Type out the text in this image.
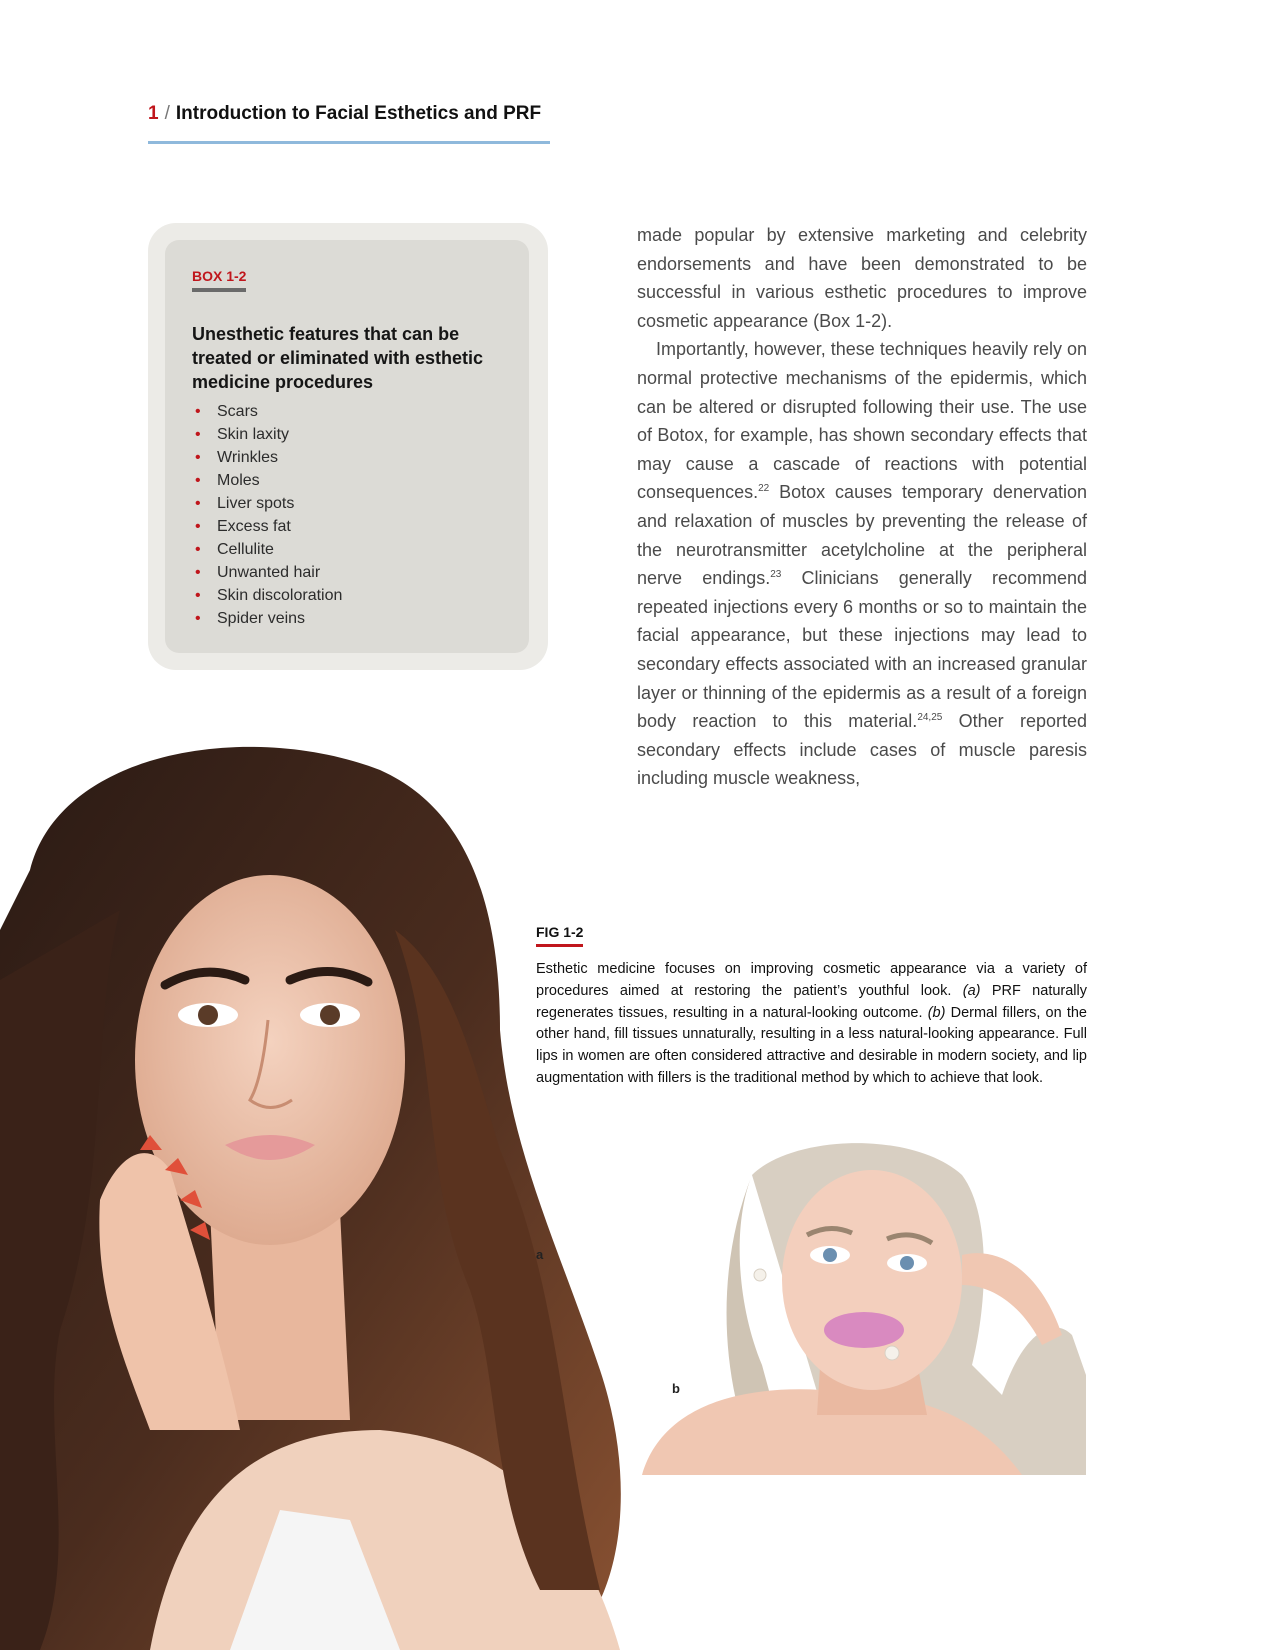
1 / Introduction to Facial Esthetics and PRF
BOX 1-2
Unesthetic features that can be treated or eliminated with esthetic medicine procedures
• Scars
• Skin laxity
• Wrinkles
• Moles
• Liver spots
• Excess fat
• Cellulite
• Unwanted hair
• Skin discoloration
• Spider veins

made popular by extensive marketing and celebrity endorsements and have been demonstrated to be successful in various esthetic procedures to improve cosmetic appearance (Box 1-2).

Importantly, however, these techniques heavily rely on normal protective mechanisms of the epidermis, which can be altered or disrupted following their use. The use of Botox, for example, has shown secondary effects that may cause a cascade of reactions with potential consequences.$^{22}$ Botox causes temporary denervation and relaxation of muscles by preventing the release of the neurotransmitter acetylcholine at the peripheral nerve endings.$^{23}$ Clinicians generally recommend repeated injections every 6 months or so to maintain the facial appearance, but these injections may lead to secondary effects associated with an increased granular layer or thinning of the epidermis as a result of a foreign body reaction to this material.$^{24,25}$ Other reported secondary effects include cases of muscle paresis including muscle weakness,

a
FIG 1-2
Esthetic medicine focuses on improving cosmetic appearance via a variety of procedures aimed at restoring the patient’s youthful look. (a) PRF naturally regenerates tissues, resulting in a natural-looking outcome. (b) Dermal fillers, on the other hand, fill tissues unnaturally, resulting in a less natural-looking appearance. Full lips in women are often considered attractive and desirable in modern society, and lip augmentation with fillers is the traditional method by which to achieve that look.
b
